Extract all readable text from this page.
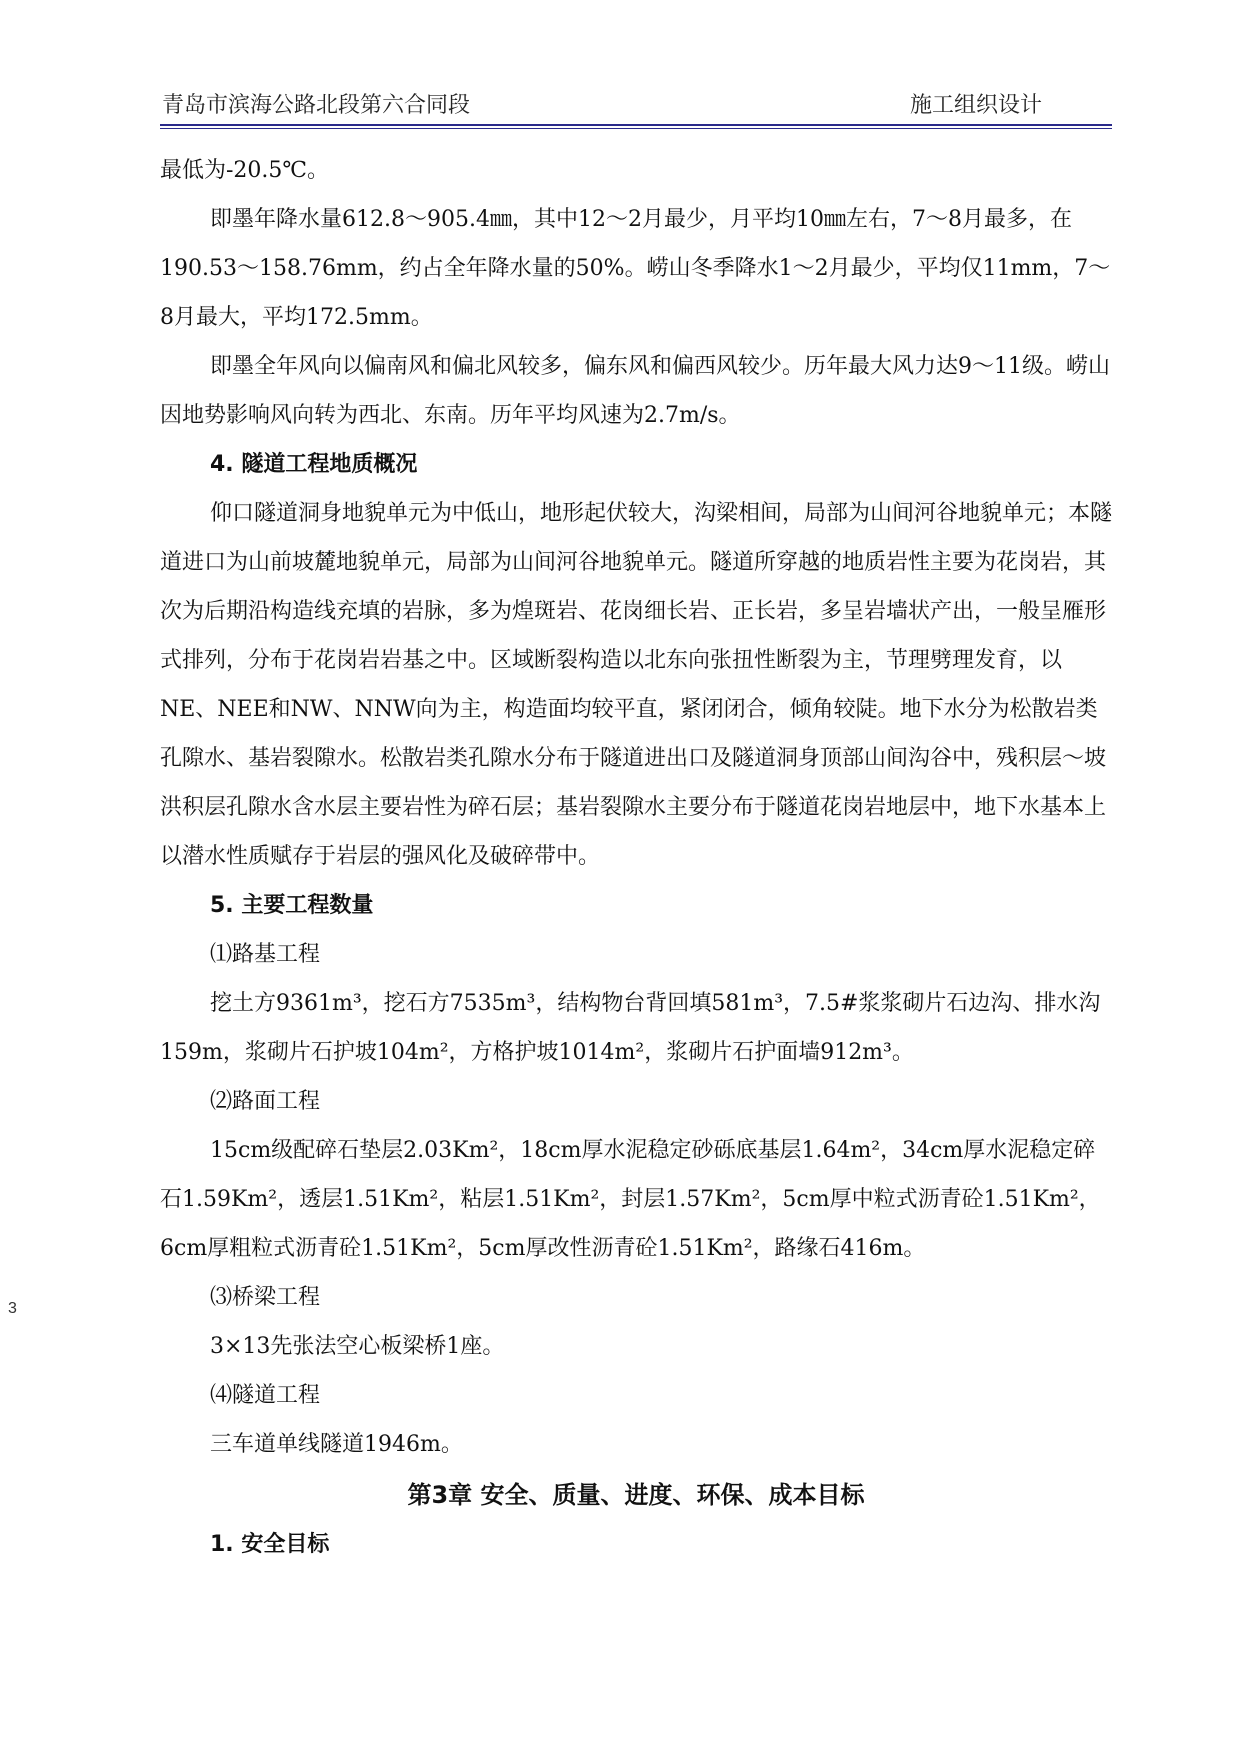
青岛市滨海公路北段第六合同段	施工组织设计

最低为-20.5℃。

即墨年降水量612.8～905.4㎜，其中12～2月最少，月平均10㎜左右，7～8月最多，在190.53～158.76mm，约占全年降水量的50%。崂山冬季降水1～2月最少，平均仅11mm，7～8月最大，平均172.5mm。

即墨全年风向以偏南风和偏北风较多，偏东风和偏西风较少。历年最大风力达9～11级。崂山因地势影响风向转为西北、东南。历年平均风速为2.7m/s。

4. 隧道工程地质概况

仰口隧道洞身地貌单元为中低山，地形起伏较大，沟梁相间，局部为山间河谷地貌单元；本隧道进口为山前坡麓地貌单元，局部为山间河谷地貌单元。隧道所穿越的地质岩性主要为花岗岩，其次为后期沿构造线充填的岩脉，多为煌斑岩、花岗细长岩、正长岩，多呈岩墙状产出，一般呈雁形式排列，分布于花岗岩岩基之中。区域断裂构造以北东向张扭性断裂为主，节理劈理发育，以NE、NEE和NW、NNW向为主，构造面均较平直，紧闭闭合，倾角较陡。地下水分为松散岩类孔隙水、基岩裂隙水。松散岩类孔隙水分布于隧道进出口及隧道洞身顶部山间沟谷中，残积层～坡洪积层孔隙水含水层主要岩性为碎石层；基岩裂隙水主要分布于隧道花岗岩地层中，地下水基本上以潜水性质赋存于岩层的强风化及破碎带中。

5. 主要工程数量

⑴路基工程

挖土方9361m³，挖石方7535m³，结构物台背回填581m³，7.5#浆浆砌片石边沟、排水沟159m，浆砌片石护坡104m²，方格护坡1014m²，浆砌片石护面墙912m³。

⑵路面工程

15cm级配碎石垫层2.03Km²，18cm厚水泥稳定砂砾底基层1.64m²，34cm厚水泥稳定碎石1.59Km²，透层1.51Km²，粘层1.51Km²，封层1.57Km²，5cm厚中粒式沥青砼1.51Km²，6cm厚粗粒式沥青砼1.51Km²，5cm厚改性沥青砼1.51Km²，路缘石416m。

⑶桥梁工程

3×13先张法空心板梁桥1座。

⑷隧道工程

三车道单线隧道1946m。

第3章 安全、质量、进度、环保、成本目标

1. 安全目标

3
